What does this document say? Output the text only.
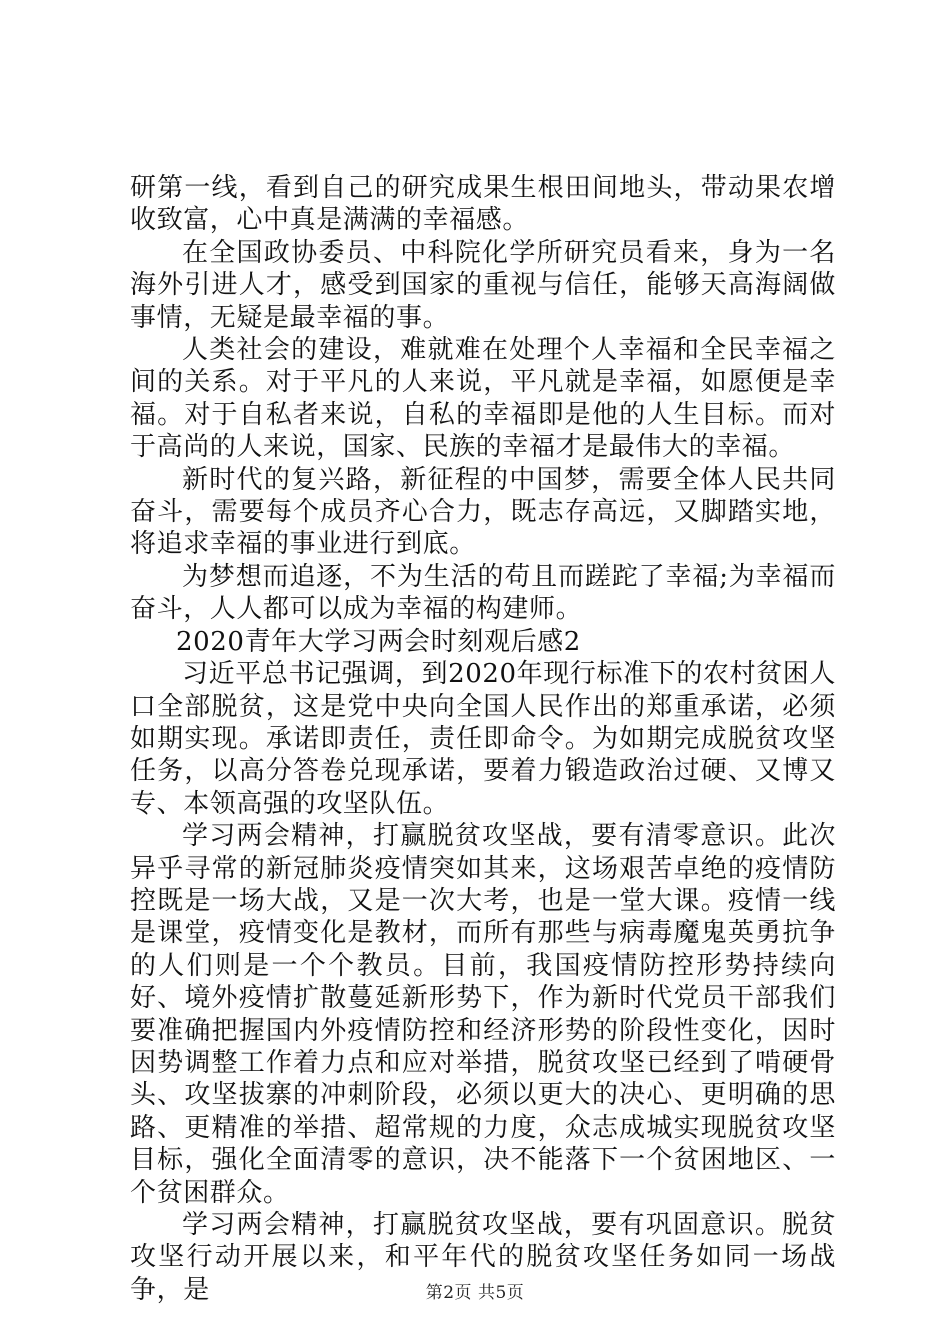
研第一线，看到自己的研究成果生根田间地头，带动果农增收致富，心中真是满满的幸福感。

在全国政协委员、中科院化学所研究员看来，身为一名海外引进人才，感受到国家的重视与信任，能够天高海阔做事情，无疑是最幸福的事。

人类社会的建设，难就难在处理个人幸福和全民幸福之间的关系。对于平凡的人来说，平凡就是幸福，如愿便是幸福。对于自私者来说，自私的幸福即是他的人生目标。而对于高尚的人来说，国家、民族的幸福才是最伟大的幸福。

新时代的复兴路，新征程的中国梦，需要全体人民共同奋斗，需要每个成员齐心合力，既志存高远，又脚踏实地，将追求幸福的事业进行到底。

为梦想而追逐，不为生活的苟且而蹉跎了幸福;为幸福而奋斗，人人都可以成为幸福的构建师。

2020青年大学习两会时刻观后感2

习近平总书记强调，到2020年现行标准下的农村贫困人口全部脱贫，这是党中央向全国人民作出的郑重承诺，必须如期实现。承诺即责任，责任即命令。为如期完成脱贫攻坚任务，以高分答卷兑现承诺，要着力锻造政治过硬、又博又专、本领高强的攻坚队伍。

学习两会精神，打赢脱贫攻坚战，要有清零意识。此次异乎寻常的新冠肺炎疫情突如其来，这场艰苦卓绝的疫情防控既是一场大战，又是一次大考，也是一堂大课。疫情一线是课堂，疫情变化是教材，而所有那些与病毒魔鬼英勇抗争的人们则是一个个教员。目前，我国疫情防控形势持续向好、境外疫情扩散蔓延新形势下，作为新时代党员干部我们要准确把握国内外疫情防控和经济形势的阶段性变化，因时因势调整工作着力点和应对举措，脱贫攻坚已经到了啃硬骨头、攻坚拔寨的冲刺阶段，必须以更大的决心、更明确的思路、更精准的举措、超常规的力度，众志成城实现脱贫攻坚目标，强化全面清零的意识，决不能落下一个贫困地区、一个贫困群众。

学习两会精神，打赢脱贫攻坚战，要有巩固意识。脱贫攻坚行动开展以来，和平年代的脱贫攻坚任务如同一场战争，是	第2页 共5页
